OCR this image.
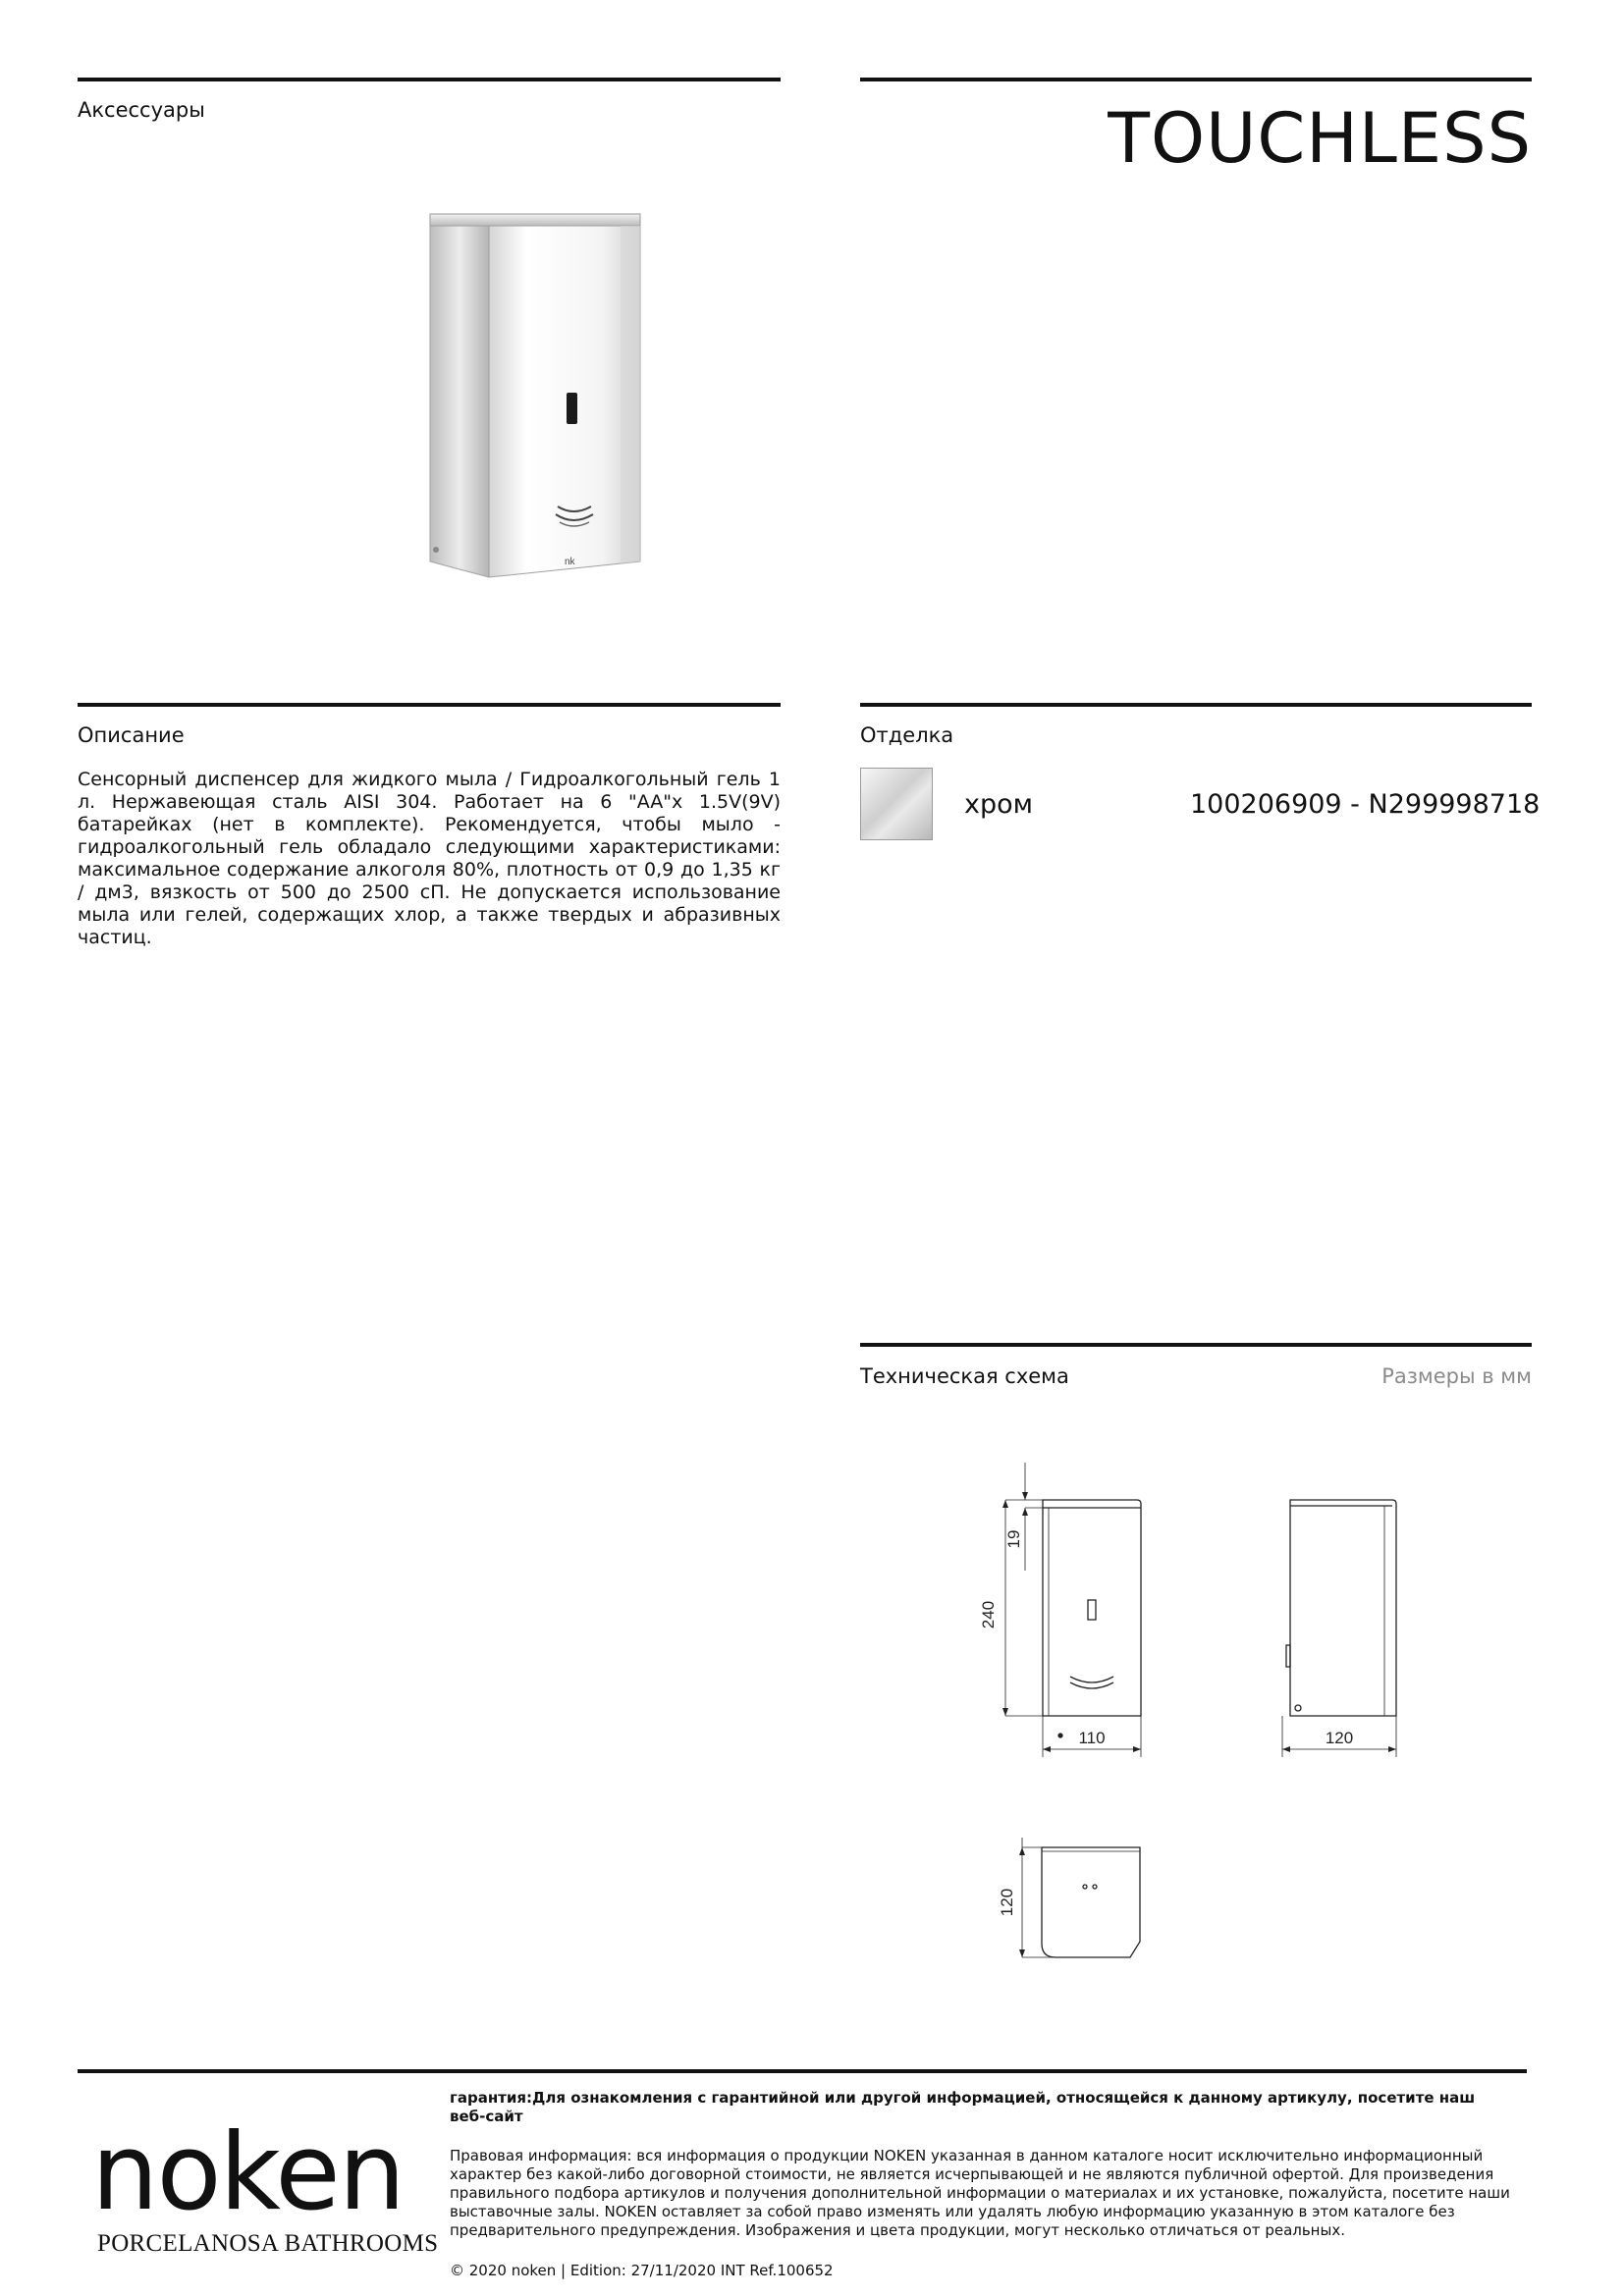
Аксессуары	TOUCHLESS
nk
Описание
Сенсорный диспенсер для жидкого мыла / Гидроалкогольный гель 1 л. Нержавеющая сталь AISI 304. Работает на 6 "AA"x 1.5V(9V) батарейках (нет в комплекте). Рекомендуется, чтобы мыло - гидроалкогольный гель обладало следующими характеристиками: максимальное содержание алкоголя 80%, плотность от 0,9 до 1,35 кг / дм3, вязкость от 500 до 2500 сП. Не допускается использование мыла или гелей, содержащих хлор, а также твердых и абразивных частиц.
Отделка
хром	100206909 - N299998718
Техническая схема	Размеры в мм
240
19
110	120
120
noken
PORCELANOSA BATHROOMS
гарантия:Для ознакомления с гарантийной или другой информацией, относящейся к данному артикулу, посетите наш веб-сайт
Правовая информация: вся информация о продукции NOKEN указанная в данном каталоге носит исключительно информационный характер без какой-либо договорной стоимости, не является исчерпывающей и не являются публичной офертой. Для произведения правильного подбора артикулов и получения дополнительной информации о материалах и их установке, пожалуйста, посетите наши выставочные залы. NOKEN оставляет за собой право изменять или удалять любую информацию указанную в этом каталоге без предварительного предупреждения. Изображения и цвета продукции, могут несколько отличаться от реальных.
© 2020 noken | Edition: 27/11/2020 INT Ref.100652
